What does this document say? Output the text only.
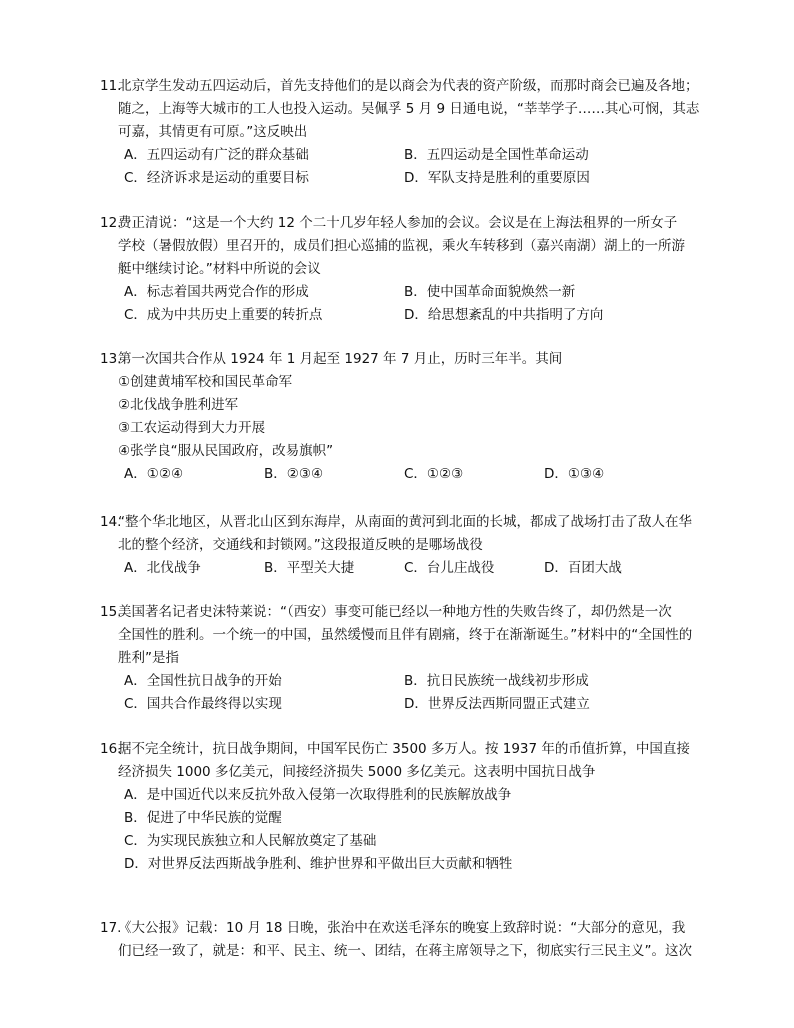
11.
北京学生发动五四运动后，首先支持他们的是以商会为代表的资产阶级，而那时商会已遍及各地；
随之，上海等大城市的工人也投入运动。吴佩孚 5 月 9 日通电说，“莘莘学子……其心可悯，其志
可嘉，其情更有可原。”这反映出
A．五四运动有广泛的群众基础	B．五四运动是全国性革命运动
C．经济诉求是运动的重要目标	D．军队支持是胜利的重要原因
12.
费正清说：“这是一个大约 12 个二十几岁年轻人参加的会议。会议是在上海法租界的一所女子
学校（暑假放假）里召开的，成员们担心巡捕的监视，乘火车转移到（嘉兴南湖）湖上的一所游
艇中继续讨论。”材料中所说的会议
A．标志着国共两党合作的形成	B．使中国革命面貌焕然一新
C．成为中共历史上重要的转折点	D．给思想紊乱的中共指明了方向
13.
第一次国共合作从 1924 年 1 月起至 1927 年 7 月止，历时三年半。其间
①创建黄埔军校和国民革命军
②北伐战争胜利进军
③工农运动得到大力开展
④张学良“服从民国政府，改易旗帜”
A．①②④	B．②③④	C．①②③	D．①③④
14.
“整个华北地区，从晋北山区到东海岸，从南面的黄河到北面的长城，都成了战场打击了敌人在华
北的整个经济，交通线和封锁网。”这段报道反映的是哪场战役
A．北伐战争	B．平型关大捷	C．台儿庄战役	D．百团大战
15.
美国著名记者史沫特莱说：“（西安）事变可能已经以一种地方性的失败告终了，却仍然是一次
全国性的胜利。一个统一的中国，虽然缓慢而且伴有剧痛，终于在渐渐诞生。”材料中的“全国性的
胜利”是指
A．全国性抗日战争的开始	B．抗日民族统一战线初步形成
C．国共合作最终得以实现	D．世界反法西斯同盟正式建立
16.
据不完全统计，抗日战争期间，中国军民伤亡 3500 多万人。按 1937 年的币值折算，中国直接
经济损失 1000 多亿美元，间接经济损失 5000 多亿美元。这表明中国抗日战争
A．是中国近代以来反抗外敌入侵第一次取得胜利的民族解放战争
B．促进了中华民族的觉醒
C．为实现民族独立和人民解放奠定了基础
D．对世界反法西斯战争胜利、维护世界和平做出巨大贡献和牺牲
17.
《大公报》记载：10 月 18 日晚，张治中在欢送毛泽东的晚宴上致辞时说：“大部分的意见，我
们已经一致了，就是：和平、民主、统一、团结，在蒋主席领导之下，彻底实行三民主义”。这次
